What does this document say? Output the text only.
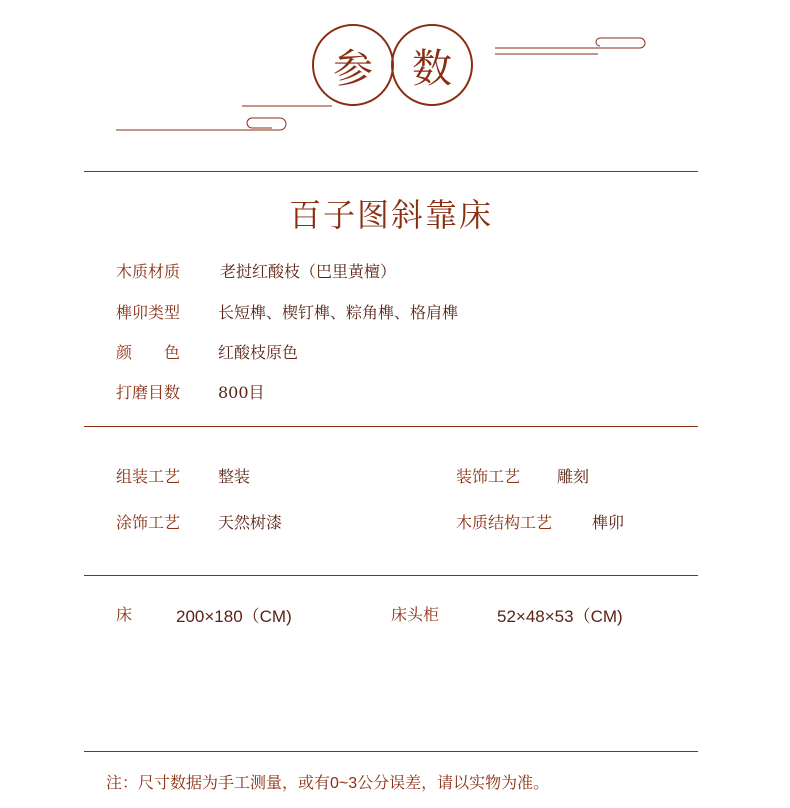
参 数
百子图斜靠床
木质材质 老挝红酸枝（巴里黄檀）
榫卯类型 长短榫、楔钉榫、粽角榫、格肩榫
颜　　色 红酸枝原色
打磨目数 800目
组装工艺 整装	装饰工艺 雕刻
涂饰工艺 天然树漆	木质结构工艺 榫卯
床	200×180（CM)	床头柜	52×48×53（CM)
注：尺寸数据为手工测量，或有0~3公分误差，请以实物为准。
